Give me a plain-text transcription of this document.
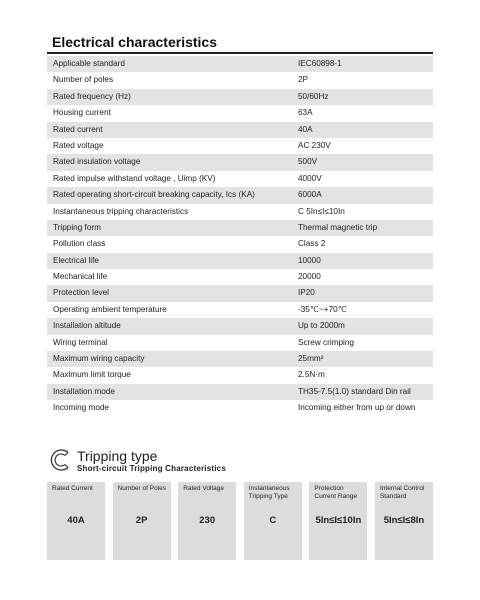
Electrical characteristics
Applicable standard	IEC60898-1
Number of poles	2P
Rated frequency (Hz)	50/60Hz
Housing current	63A
Rated current	40A
Rated voltage	AC 230V
Rated insulation voltage	500V
Rated impulse withstand voltage , Uimp (KV)	4000V
Rated operating short-circuit breaking capacity, Ics (KA)	6000A
Instantaneous tripping characteristics	C 5In≤I≤10In
Tripping form	Thermal magnetic trip
Pollution class	Class 2
Electrical life	10000
Mechanical life	20000
Protection level	IP20
Operating ambient temperature	-35℃~+70℃
Installation altitude	Up to 2000m
Wiring terminal	Screw crimping
Maximum wiring capacity	25mm²
Maximum limit torque	2.5N·m
Installation mode	TH35-7.5(1.0) standard Din rail
Incoming mode	Incoming either from up or down
Tripping type
Short-circuit Tripping Characteristics
Rated Current
40A
Number of Poles
2P
Rated Voltage
230
Instantaneous Tripping Type
C
Protection Current Range
5In≤I≤10In
Internal Control Standard
5In≤I≤8In
